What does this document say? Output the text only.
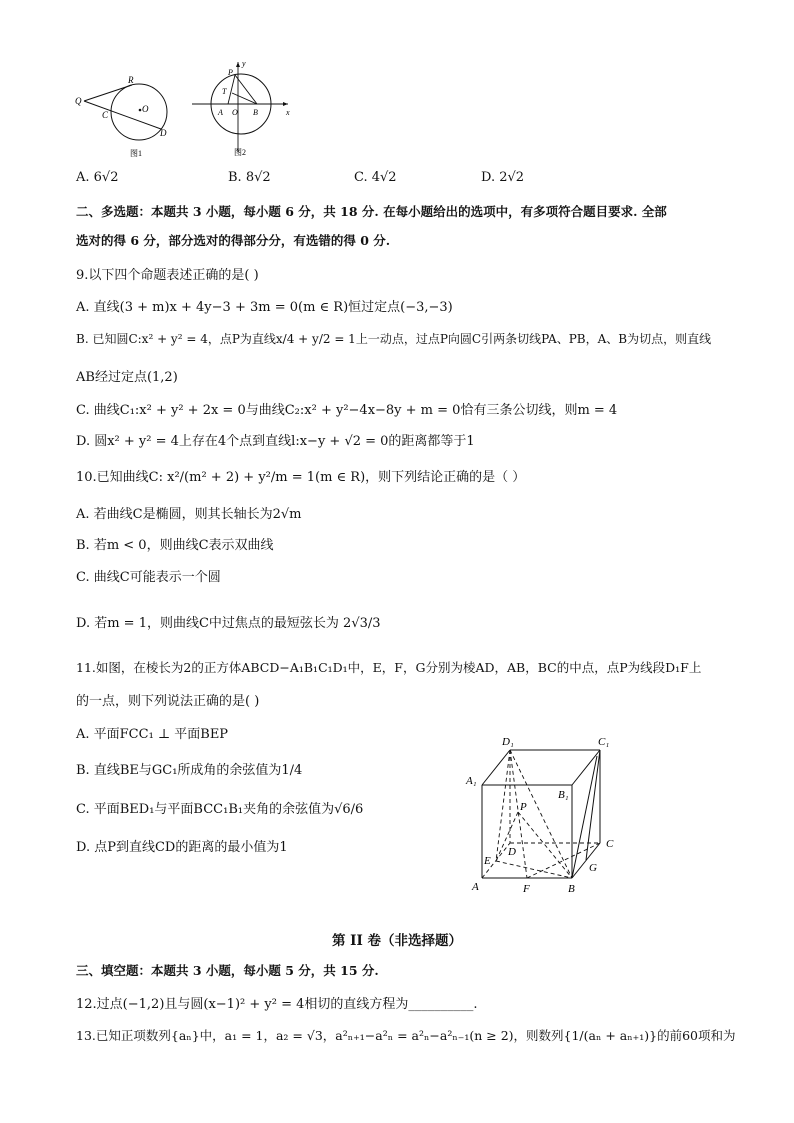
Q
R
C
O
D
图1
y
x
P
T
A O B
图2
A. 6√2	B. 8√2	C. 4√2	D. 2√2
二、多选题：本题共 3 小题，每小题 6 分，共 18 分. 在每小题给出的选项中，有多项符合题目要求. 全部
选对的得 6 分，部分选对的得部分分，有选错的得 0 分.
9.以下四个命题表述正确的是( )
A. 直线(3 + m)x + 4y−3 + 3m = 0(m ∈ R)恒过定点(−3,−3)
B. 已知圆C:x² + y² = 4，点P为直线x/4 + y/2 = 1上一动点，过点P向圆C引两条切线PA、PB，A、B为切点，则直线
AB经过定点(1,2)
C. 曲线C₁:x² + y² + 2x = 0与曲线C₂:x² + y²−4x−8y + m = 0恰有三条公切线，则m = 4
D. 圆x² + y² = 4上存在4个点到直线l:x−y + √2 = 0的距离都等于1
10.已知曲线C: x²/(m² + 2) + y²/m = 1(m ∈ R)，则下列结论正确的是（ ）
A. 若曲线C是椭圆，则其长轴长为2√m
B. 若m < 0，则曲线C表示双曲线
C. 曲线C可能表示一个圆
D. 若m = 1，则曲线C中过焦点的最短弦长为 2√3/3
11.如图，在棱长为2的正方体ABCD−A₁B₁C₁D₁中，E，F，G分别为棱AD，AB，BC的中点，点P为线段D₁F上
的一点，则下列说法正确的是( )
A. 平面FCC₁ ⊥ 平面BEP
B. 直线BE与GC₁所成角的余弦值为1/4
C. 平面BED₁与平面BCC₁B₁夹角的余弦值为√6/6
D. 点P到直线CD的距离的最小值为1
D₁	C₁
A₁
B₁
P
D
C
E
G
A	F	B
第 II 卷（非选择题）
三、填空题：本题共 3 小题，每小题 5 分，共 15 分.
12.过点(−1,2)且与圆(x−1)² + y² = 4相切的直线方程为__________.
13.已知正项数列{aₙ}中，a₁ = 1，a₂ = √3，a²ₙ₊₁−a²ₙ = a²ₙ−a²ₙ₋₁(n ≥ 2)，则数列{1/(aₙ + aₙ₊₁)}的前60项和为
